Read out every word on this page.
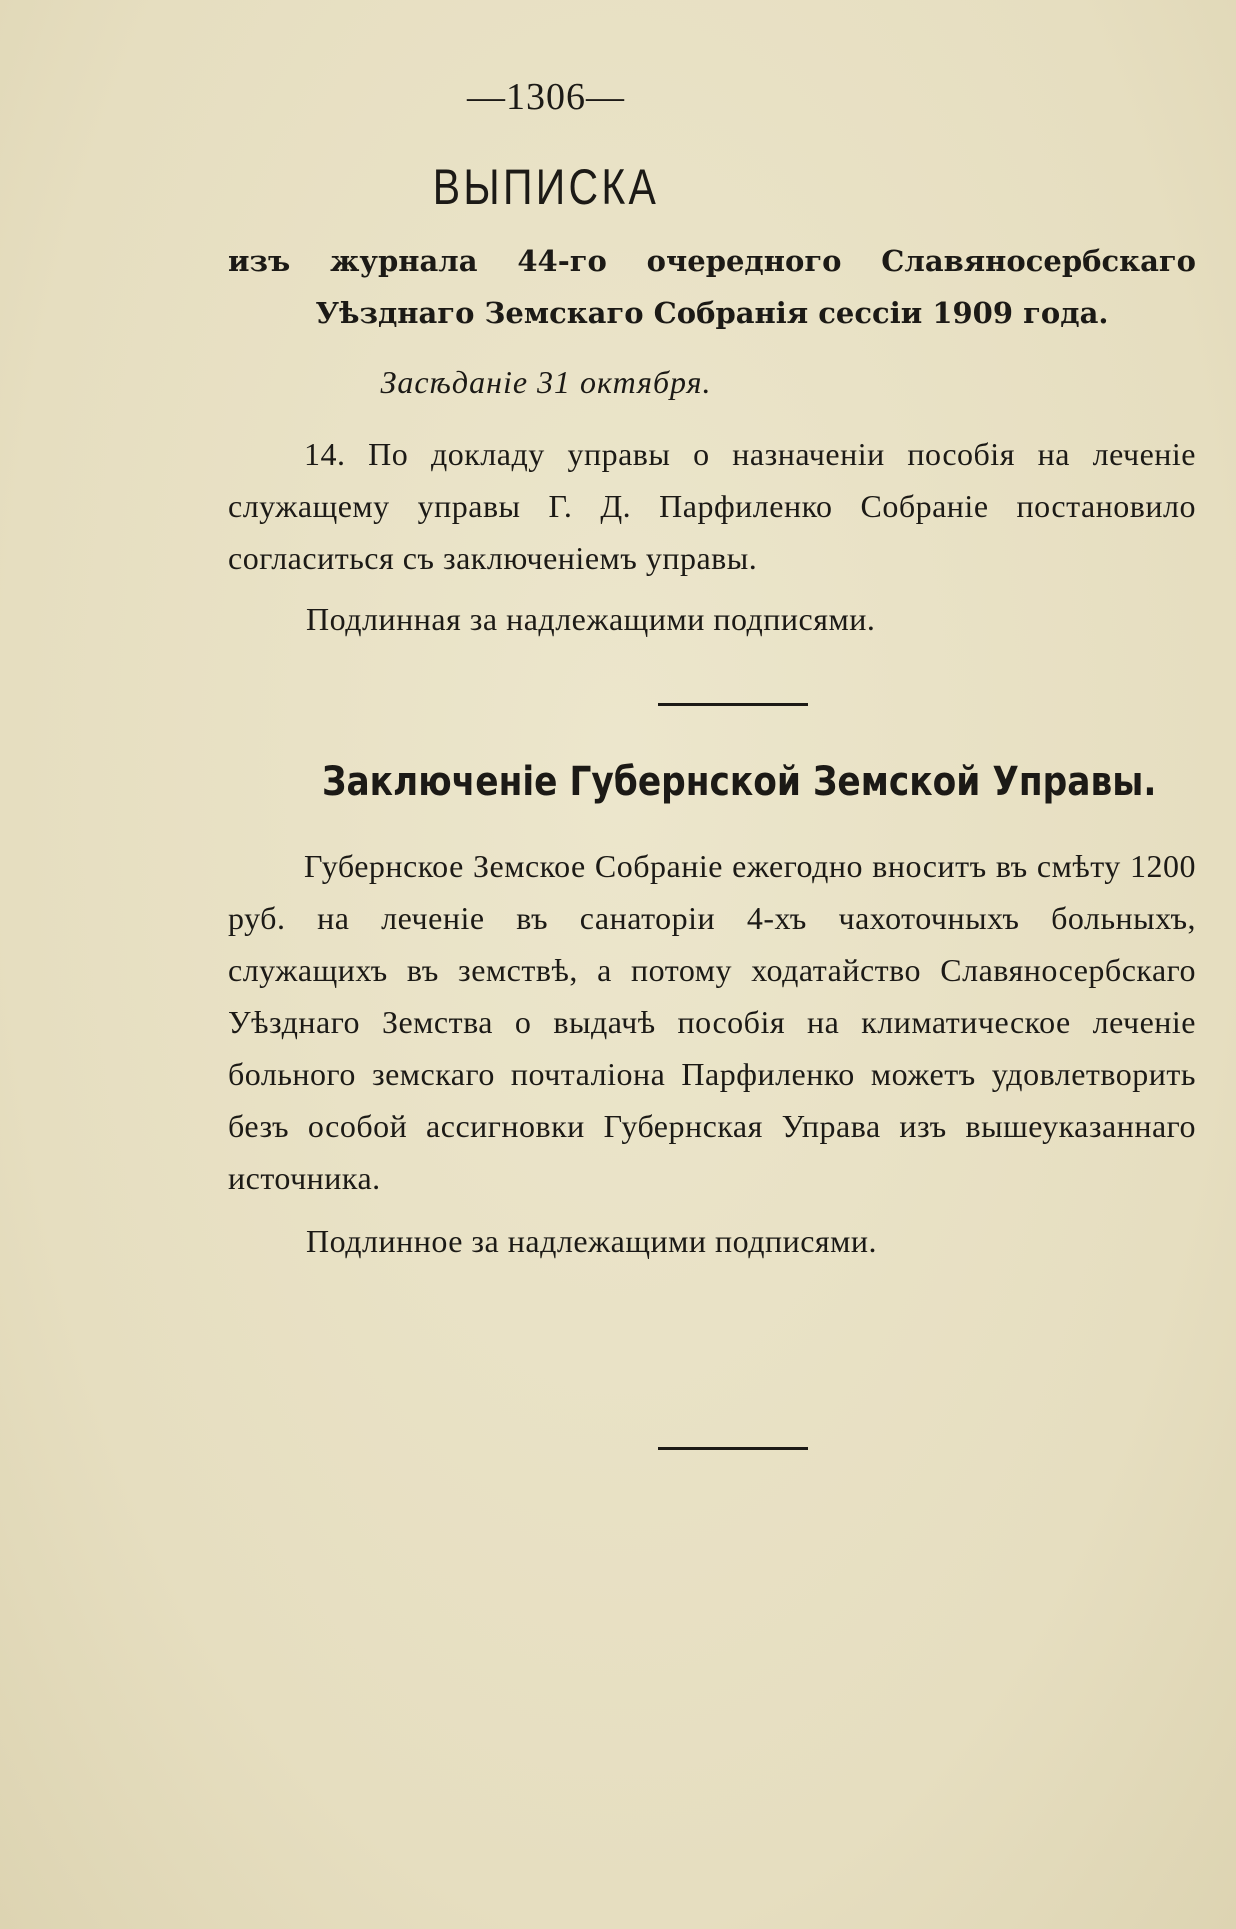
—1306—
ВЫПИСКА
изъ журнала 44-го очередного Славяносербскаго Уѣзднаго Земскаго Собранія сессіи 1909 года.
Засѣданіе 31 октября.
14. По докладу управы о назначеніи пособія на леченіе служащему управы Г. Д. Парфиленко Собраніе постановило согласиться съ заключеніемъ управы.
Подлинная за надлежащими подписями.
Заключеніе Губернской Земской Управы.
Губернское Земское Собраніе ежегодно вноситъ въ смѣту 1200 руб. на леченіе въ санаторіи 4-хъ чахоточныхъ больныхъ, служащихъ въ земствѣ, а потому ходатайство Славяносербскаго Уѣзднаго Земства о выдачѣ пособія на климатическое леченіе больного земскаго почталіона Парфиленко можетъ удовлетворить безъ особой ассигновки Губернская Управа изъ вышеуказаннаго источника.
Подлинное за надлежащими подписями.
